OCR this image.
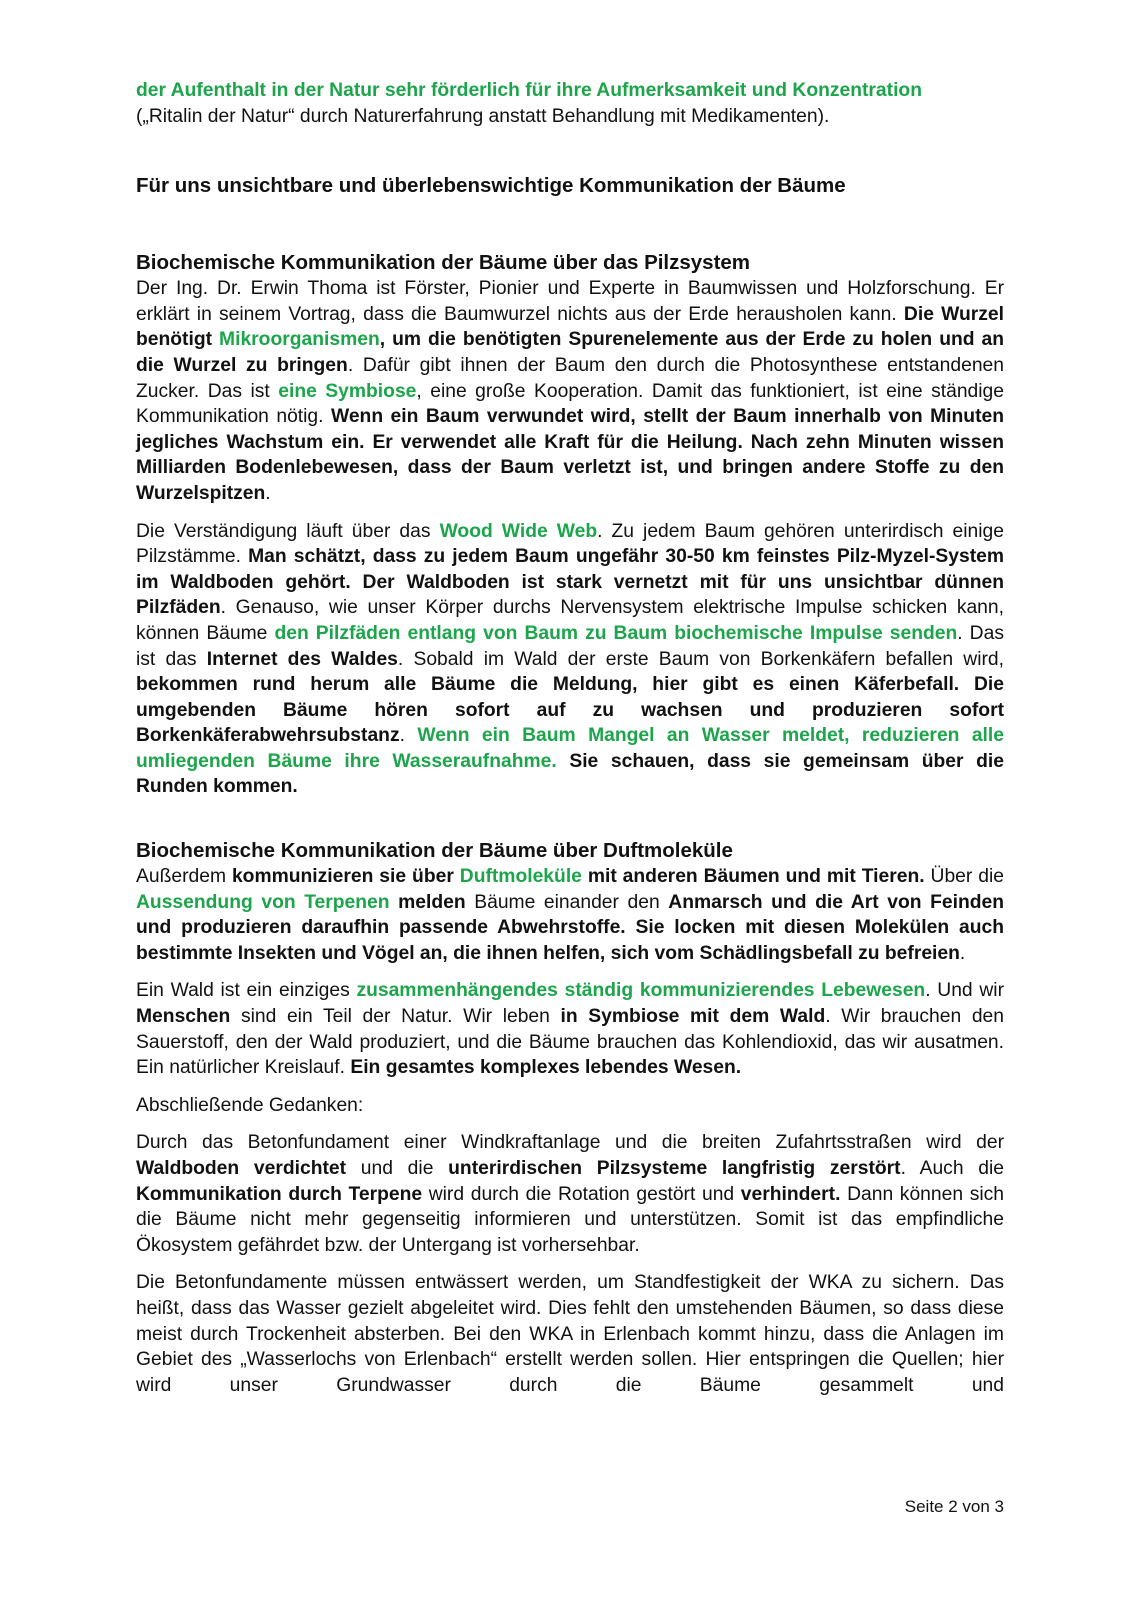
der Aufenthalt in der Natur sehr förderlich für ihre Aufmerksamkeit und Konzentration

(„Ritalin der Natur“ durch Naturerfahrung anstatt Behandlung mit Medikamenten).

Für uns unsichtbare und überlebenswichtige Kommunikation der Bäume
Biochemische Kommunikation der Bäume über das Pilzsystem

Der Ing. Dr. Erwin Thoma ist Förster, Pionier und Experte in Baumwissen und Holzforschung. Er erklärt in seinem Vortrag, dass die Baumwurzel nichts aus der Erde herausholen kann. Die Wurzel benötigt Mikroorganismen, um die benötigten Spurenelemente aus der Erde zu holen und an die Wurzel zu bringen. Dafür gibt ihnen der Baum den durch die Photosynthese entstandenen Zucker. Das ist eine Symbiose, eine große Kooperation. Damit das funktioniert, ist eine ständige Kommunikation nötig. Wenn ein Baum verwundet wird, stellt der Baum innerhalb von Minuten jegliches Wachstum ein. Er verwendet alle Kraft für die Heilung. Nach zehn Minuten wissen Milliarden Bodenlebewesen, dass der Baum verletzt ist, und bringen andere Stoffe zu den Wurzelspitzen.

Die Verständigung läuft über das Wood Wide Web. Zu jedem Baum gehören unterirdisch einige Pilzstämme. Man schätzt, dass zu jedem Baum ungefähr 30-50 km feinstes Pilz-Myzel-System im Waldboden gehört. Der Waldboden ist stark vernetzt mit für uns unsichtbar dünnen Pilzfäden. Genauso, wie unser Körper durchs Nervensystem elektrische Impulse schicken kann, können Bäume den Pilzfäden entlang von Baum zu Baum biochemische Impulse senden. Das ist das Internet des Waldes. Sobald im Wald der erste Baum von Borkenkäfern befallen wird, bekommen rund herum alle Bäume die Meldung, hier gibt es einen Käferbefall. Die umgebenden Bäume hören sofort auf zu wachsen und produzieren sofort Borkenkäferabwehrsubstanz. Wenn ein Baum Mangel an Wasser meldet, reduzieren alle umliegenden Bäume ihre Wasseraufnahme. Sie schauen, dass sie gemeinsam über die Runden kommen.

Biochemische Kommunikation der Bäume über Duftmoleküle

Außerdem kommunizieren sie über Duftmoleküle mit anderen Bäumen und mit Tieren. Über die Aussendung von Terpenen melden Bäume einander den Anmarsch und die Art von Feinden und produzieren daraufhin passende Abwehrstoffe. Sie locken mit diesen Molekülen auch bestimmte Insekten und Vögel an, die ihnen helfen, sich vom Schädlingsbefall zu befreien.

Ein Wald ist ein einziges zusammenhängendes ständig kommunizierendes Lebewesen. Und wir Menschen sind ein Teil der Natur. Wir leben in Symbiose mit dem Wald. Wir brauchen den Sauerstoff, den der Wald produziert, und die Bäume brauchen das Kohlendioxid, das wir ausatmen. Ein natürlicher Kreislauf. Ein gesamtes komplexes lebendes Wesen.

Abschließende Gedanken:

Durch das Betonfundament einer Windkraftanlage und die breiten Zufahrtsstraßen wird der Waldboden verdichtet und die unterirdischen Pilzsysteme langfristig zerstört. Auch die Kommunikation durch Terpene wird durch die Rotation gestört und verhindert. Dann können sich die Bäume nicht mehr gegenseitig informieren und unterstützen. Somit ist das empfindliche Ökosystem gefährdet bzw. der Untergang ist vorhersehbar.

Die Betonfundamente müssen entwässert werden, um Standfestigkeit der WKA zu sichern. Das heißt, dass das Wasser gezielt abgeleitet wird. Dies fehlt den umstehenden Bäumen, so dass diese meist durch Trockenheit absterben. Bei den WKA in Erlenbach kommt hinzu, dass die Anlagen im Gebiet des „Wasserlochs von Erlenbach“ erstellt werden sollen. Hier entspringen die Quellen; hier wird unser Grundwasser durch die Bäume gesammelt und

Seite 2 von 3
